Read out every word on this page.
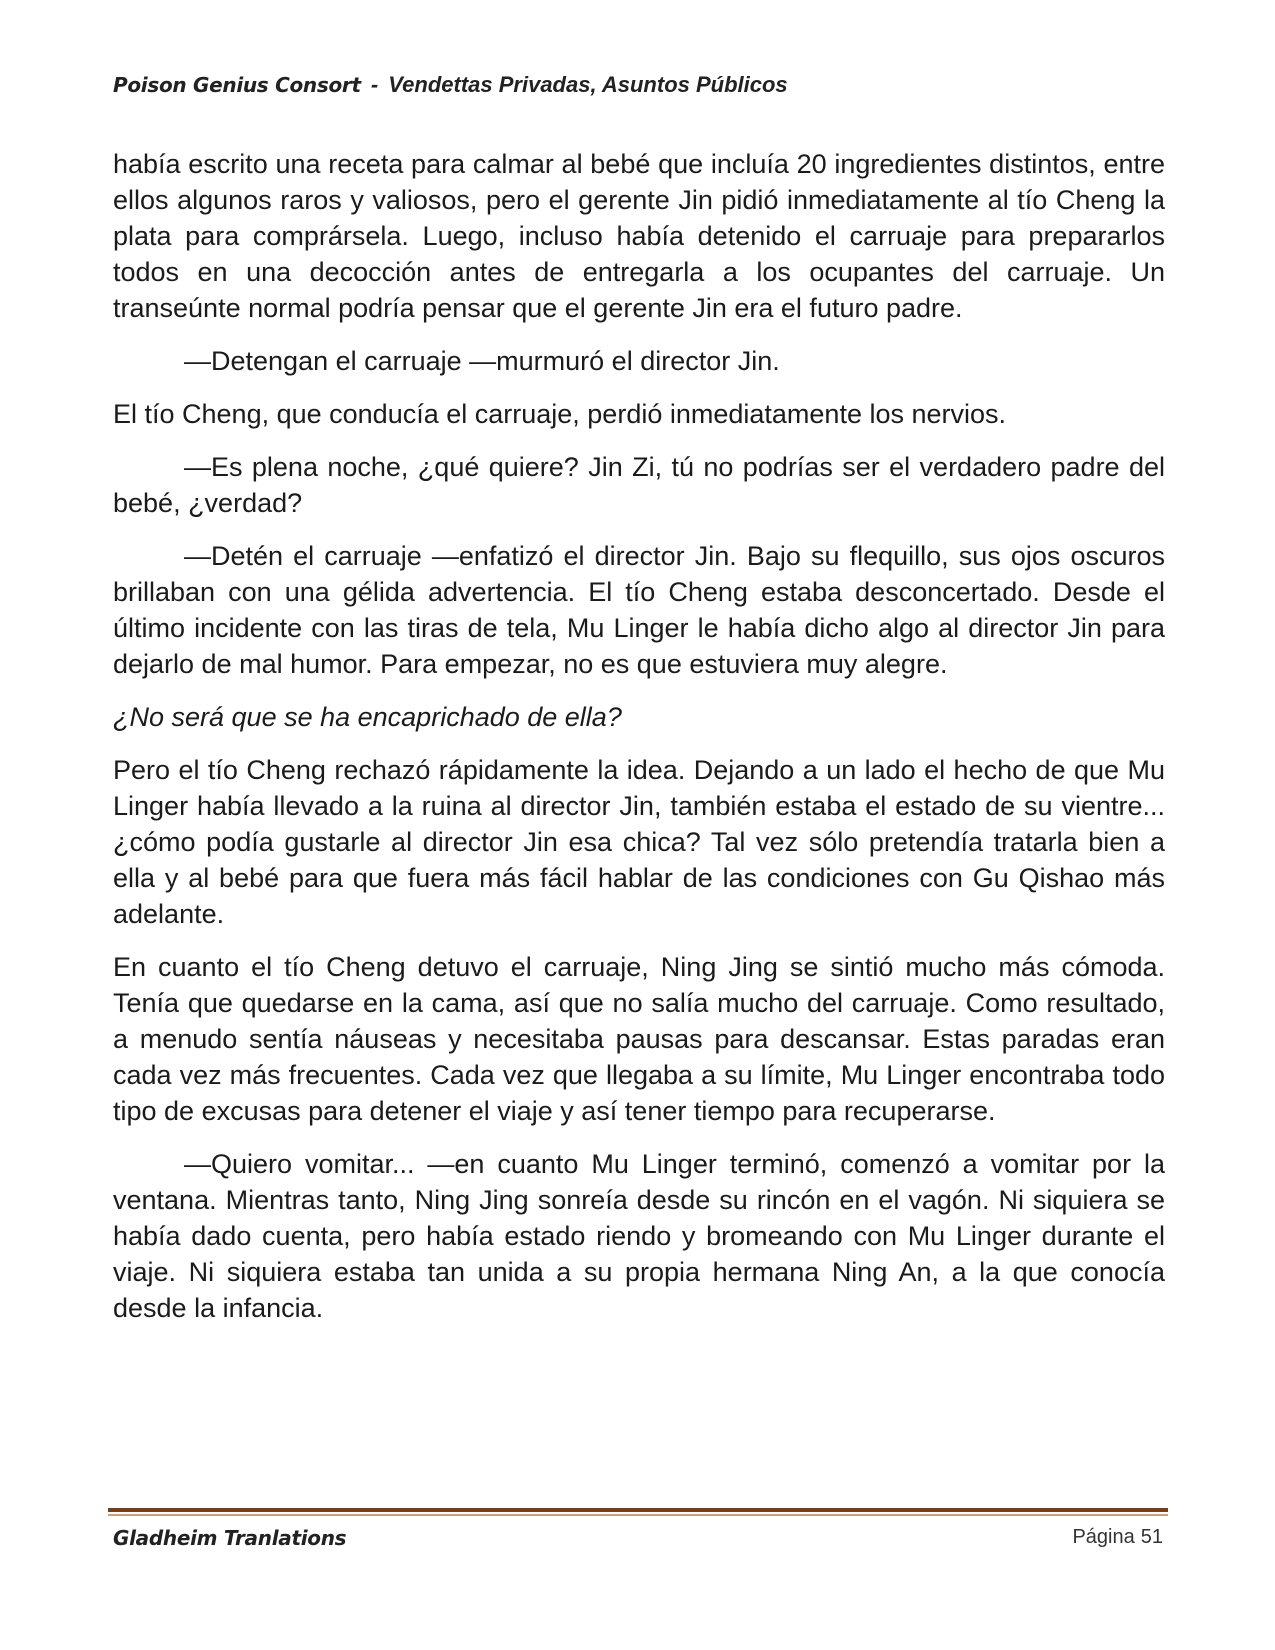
Poison Genius Consort - Vendettas Privadas, Asuntos Públicos

había escrito una receta para calmar al bebé que incluía 20 ingredientes distintos, entre ellos algunos raros y valiosos, pero el gerente Jin pidió inmediatamente al tío Cheng la plata para comprársela. Luego, incluso había detenido el carruaje para prepararlos todos en una decocción antes de entregarla a los ocupantes del carruaje. Un transeúnte normal podría pensar que el gerente Jin era el futuro padre.

—Detengan el carruaje —murmuró el director Jin.

El tío Cheng, que conducía el carruaje, perdió inmediatamente los nervios.

—Es plena noche, ¿qué quiere? Jin Zi, tú no podrías ser el verdadero padre del bebé, ¿verdad?

—Detén el carruaje —enfatizó el director Jin. Bajo su flequillo, sus ojos oscuros brillaban con una gélida advertencia. El tío Cheng estaba desconcertado. Desde el último incidente con las tiras de tela, Mu Linger le había dicho algo al director Jin para dejarlo de mal humor. Para empezar, no es que estuviera muy alegre.

¿No será que se ha encaprichado de ella?

Pero el tío Cheng rechazó rápidamente la idea. Dejando a un lado el hecho de que Mu Linger había llevado a la ruina al director Jin, también estaba el estado de su vientre... ¿cómo podía gustarle al director Jin esa chica? Tal vez sólo pretendía tratarla bien a ella y al bebé para que fuera más fácil hablar de las condiciones con Gu Qishao más adelante.

En cuanto el tío Cheng detuvo el carruaje, Ning Jing se sintió mucho más cómoda. Tenía que quedarse en la cama, así que no salía mucho del carruaje. Como resultado, a menudo sentía náuseas y necesitaba pausas para descansar. Estas paradas eran cada vez más frecuentes. Cada vez que llegaba a su límite, Mu Linger encontraba todo tipo de excusas para detener el viaje y así tener tiempo para recuperarse.

—Quiero vomitar... —en cuanto Mu Linger terminó, comenzó a vomitar por la ventana. Mientras tanto, Ning Jing sonreía desde su rincón en el vagón. Ni siquiera se había dado cuenta, pero había estado riendo y bromeando con Mu Linger durante el viaje. Ni siquiera estaba tan unida a su propia hermana Ning An, a la que conocía desde la infancia.

Gladheim Tranlations	Página 51
